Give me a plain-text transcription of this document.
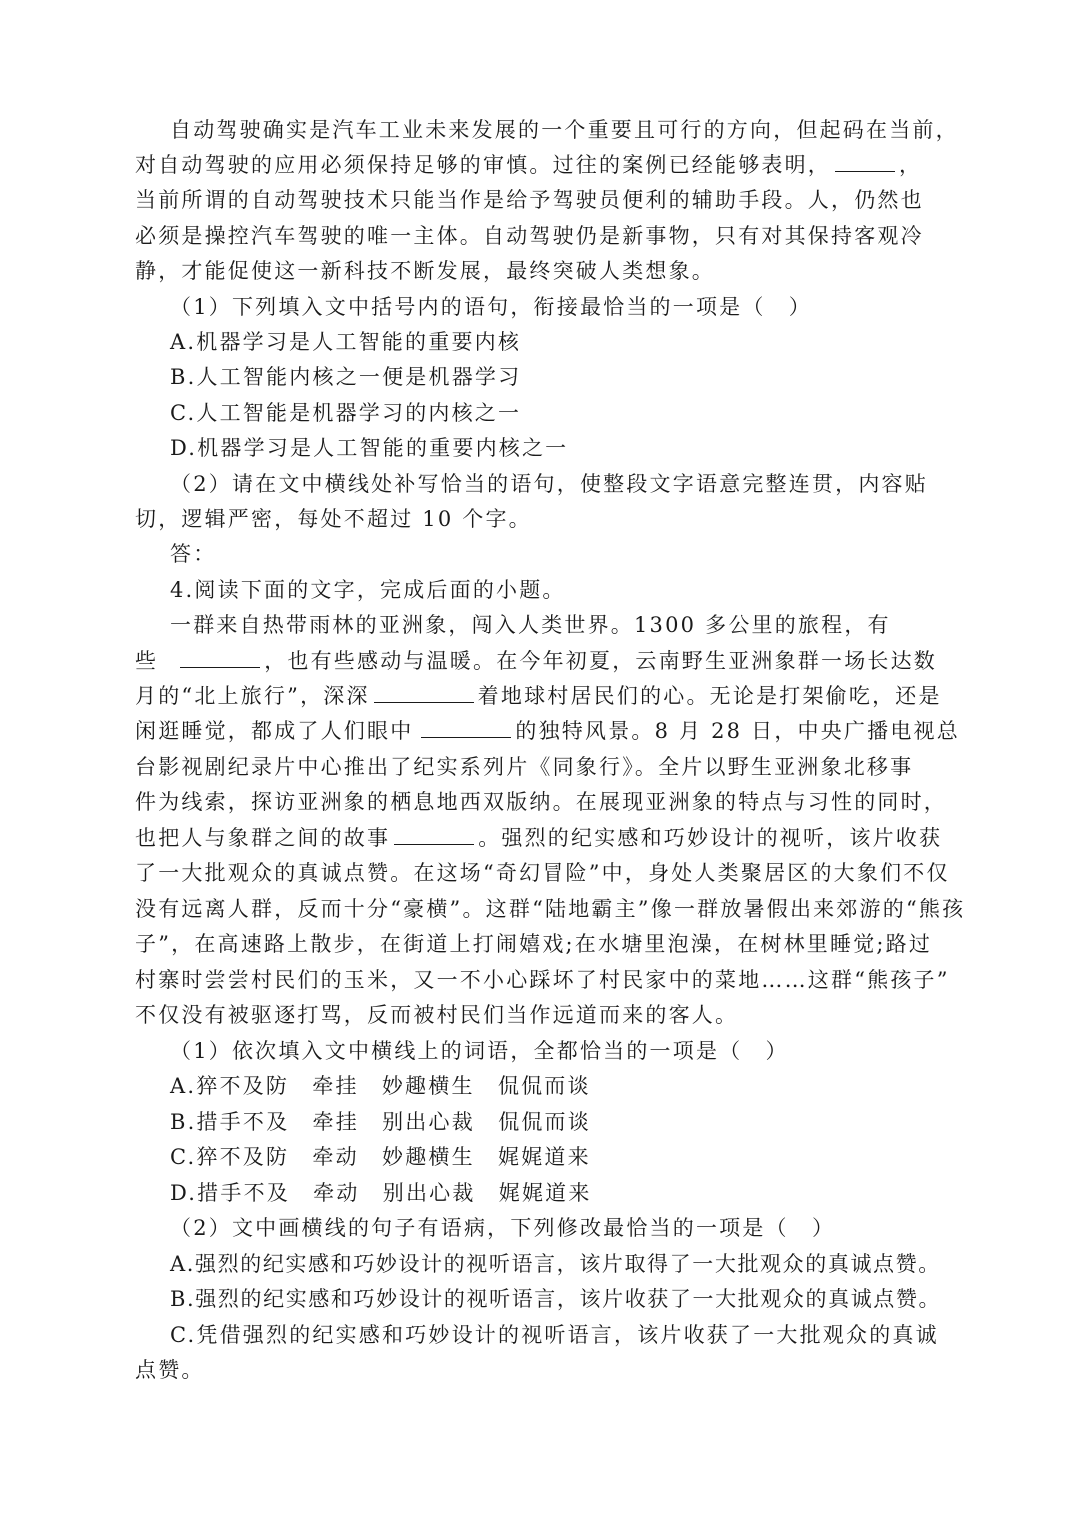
自动驾驶确实是汽车工业未来发展的一个重要且可行的方向，但起码在当前，
对自动驾驶的应用必须保持足够的审慎。过往的案例已经能够表明，	，
当前所谓的自动驾驶技术只能当作是给予驾驶员便利的辅助手段。人，仍然也
必须是操控汽车驾驶的唯一主体。自动驾驶仍是新事物，只有对其保持客观冷
静，才能促使这一新科技不断发展，最终突破人类想象。
（1）下列填入文中括号内的语句，衔接最恰当的一项是（　）
A.机器学习是人工智能的重要内核
B.人工智能内核之一便是机器学习
C.人工智能是机器学习的内核之一
D.机器学习是人工智能的重要内核之一
（2）请在文中横线处补写恰当的语句，使整段文字语意完整连贯，内容贴
切，逻辑严密，每处不超过 10 个字。
答：
4.阅读下面的文字，完成后面的小题。
一群来自热带雨林的亚洲象，闯入人类世界。1300 多公里的旅程，有
些	，也有些感动与温暖。在今年初夏，云南野生亚洲象群一场长达数
月的“北上旅行”，深深	着地球村居民们的心。无论是打架偷吃，还是
闲逛睡觉，都成了人们眼中	的独特风景。8 月 28 日，中央广播电视总
台影视剧纪录片中心推出了纪实系列片《同象行》。全片以野生亚洲象北移事
件为线索，探访亚洲象的栖息地西双版纳。在展现亚洲象的特点与习性的同时，
也把人与象群之间的故事	。强烈的纪实感和巧妙设计的视听，该片收获
了一大批观众的真诚点赞。在这场“奇幻冒险”中，身处人类聚居区的大象们不仅
没有远离人群，反而十分“豪横”。这群“陆地霸主”像一群放暑假出来郊游的“熊孩
子”，在高速路上散步，在街道上打闹嬉戏;在水塘里泡澡，在树林里睡觉;路过
村寨时尝尝村民们的玉米，又一不小心踩坏了村民家中的菜地……这群“熊孩子”
不仅没有被驱逐打骂，反而被村民们当作远道而来的客人。
（1）依次填入文中横线上的词语，全都恰当的一项是（　）
A.猝不及防　牵挂　妙趣横生　侃侃而谈
B.措手不及　牵挂　别出心裁　侃侃而谈
C.猝不及防　牵动　妙趣横生　娓娓道来
D.措手不及　牵动　别出心裁　娓娓道来
（2）文中画横线的句子有语病，下列修改最恰当的一项是（　）
A.强烈的纪实感和巧妙设计的视听语言，该片取得了一大批观众的真诚点赞。
B.强烈的纪实感和巧妙设计的视听语言，该片收获了一大批观众的真诚点赞。
C.凭借强烈的纪实感和巧妙设计的视听语言，该片收获了一大批观众的真诚
点赞。
